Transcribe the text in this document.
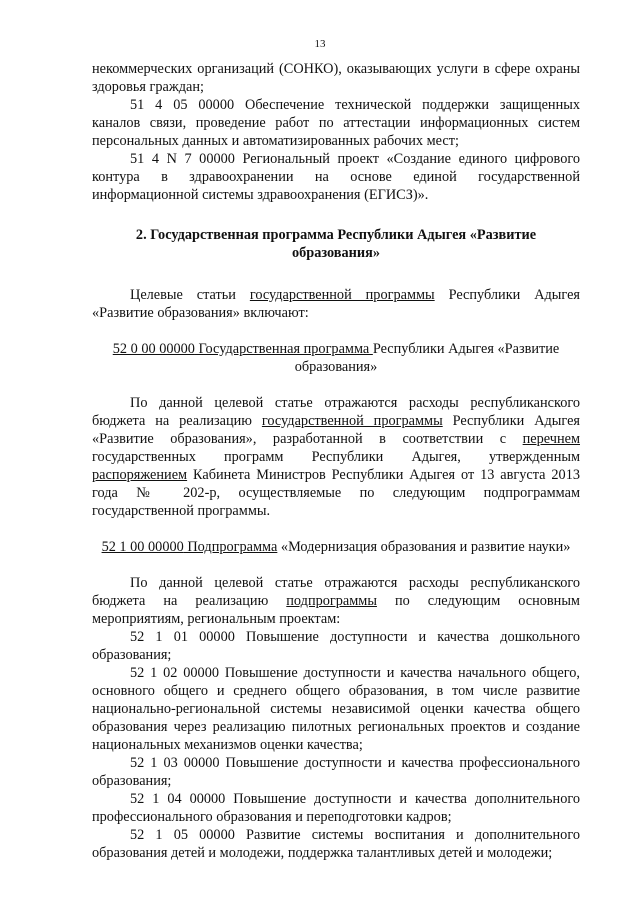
13

некоммерческих организаций (СОНКО), оказывающих услуги в сфере охраны здоровья граждан;

51 4 05 00000 Обеспечение технической поддержки защищенных каналов связи, проведение работ по аттестации информационных систем персональных данных и автоматизированных рабочих мест;

51 4 N 7 00000 Региональный проект «Создание единого цифрового контура в здравоохранении на основе единой государственной информационной системы здравоохранения (ЕГИСЗ)».

2. Государственная программа Республики Адыгея «Развитие образования»

Целевые статьи государственной программы Республики Адыгея «Развитие образования» включают:

52 0 00 00000 Государственная программа Республики Адыгея «Развитие образования»

По данной целевой статье отражаются расходы республиканского бюджета на реализацию государственной программы Республики Адыгея «Развитие образования», разработанной в соответствии с перечнем государственных программ Республики Адыгея, утвержденным распоряжением Кабинета Министров Республики Адыгея от 13 августа 2013 года № 202-р, осуществляемые по следующим подпрограммам государственной программы.

52 1 00 00000 Подпрограмма «Модернизация образования и развитие науки»

По данной целевой статье отражаются расходы республиканского бюджета на реализацию подпрограммы по следующим основным мероприятиям, региональным проектам:

52 1 01 00000 Повышение доступности и качества дошкольного образования;

52 1 02 00000 Повышение доступности и качества начального общего, основного общего и среднего общего образования, в том числе развитие национально-региональной системы независимой оценки качества общего образования через реализацию пилотных региональных проектов и создание национальных механизмов оценки качества;

52 1 03 00000 Повышение доступности и качества профессионального образования;

52 1 04 00000 Повышение доступности и качества дополнительного профессионального образования и переподготовки кадров;

52 1 05 00000 Развитие системы воспитания и дополнительного образования детей и молодежи, поддержка талантливых детей и молодежи;
